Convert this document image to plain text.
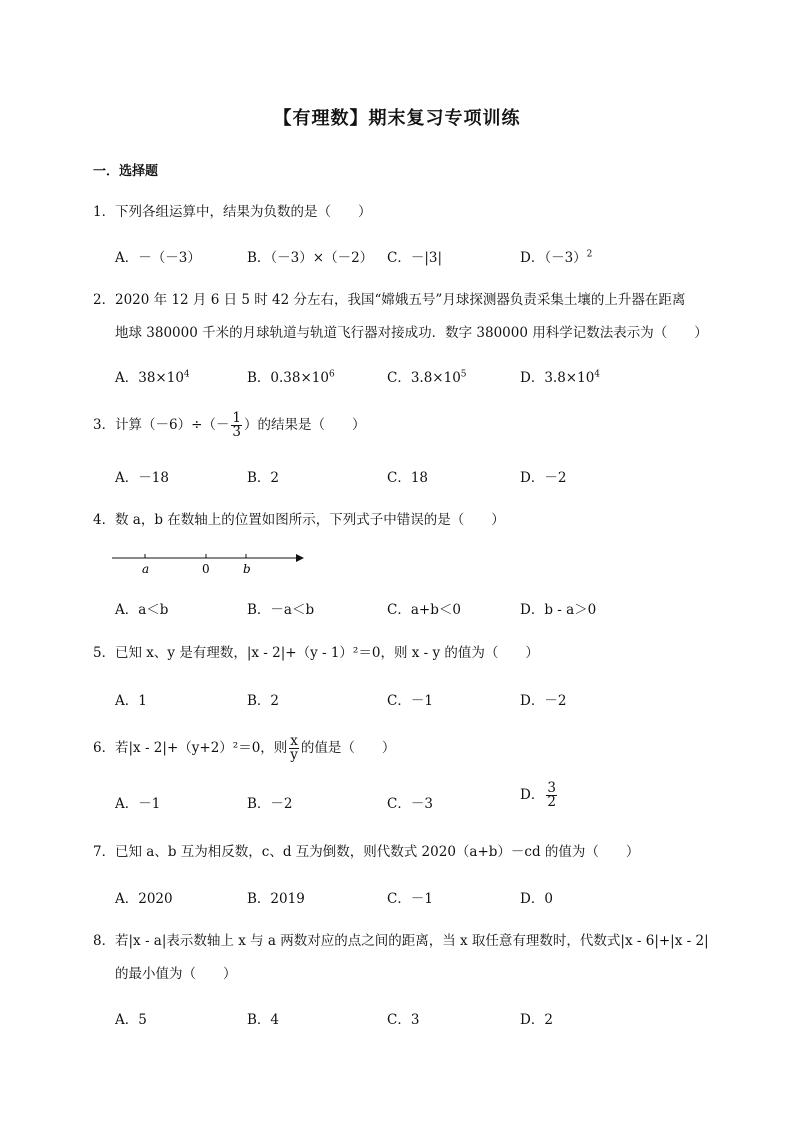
【有理数】期末复习专项训练
一．选择题
1．下列各组运算中，结果为负数的是（　　）
A．－（－3）	B．（－3）×（－2） C．－|3|	D．$(-3)^2$
2．2020 年 12 月 6 日 5 时 42 分左右，我国“嫦娥五号”月球探测器负责采集土壤的上升器在距离
地球 380000 千米的月球轨道与轨道飞行器对接成功．数字 380000 用科学记数法表示为（　　）
A．$38\times 10^4$	B．$0.38\times 10^6$	C．$3.8\times 10^5$	D．$3.8\times 10^4$
3．计算$(-6)\div(- \frac{1}{3}$ ）的结果是（　　）
A．－18	B．2	C．18	D．－2
4．数 a，b 在数轴上的位置如图所示，下列式子中错误的是（　　）
a	0	b
A．a＜b	B．－a＜b	C．a+b＜0	D．b - a＞0
5．已知 x、y 是有理数，|x - 2|+（y - 1）²＝0，则 x - y 的值为（　　）
A．1	B．2	C．－1	D．－2
6．若|x - 2|+（y+2）²＝0，则 $\frac{x}{y}$ 的值是（　　）
A．－1	B．－2	C．－3
D． $\frac{3}{2}$
7．已知 a、b 互为相反数，c、d 互为倒数，则代数式 2020（a+b）－cd 的值为（　　）
A．2020	B．2019	C．－1	D．0
8．若|x - a|表示数轴上 x 与 a 两数对应的点之间的距离，当 x 取任意有理数时，代数式|x - 6|+|x - 2|
的最小值为（　　）
A．5	B．4	C．3	D．2
